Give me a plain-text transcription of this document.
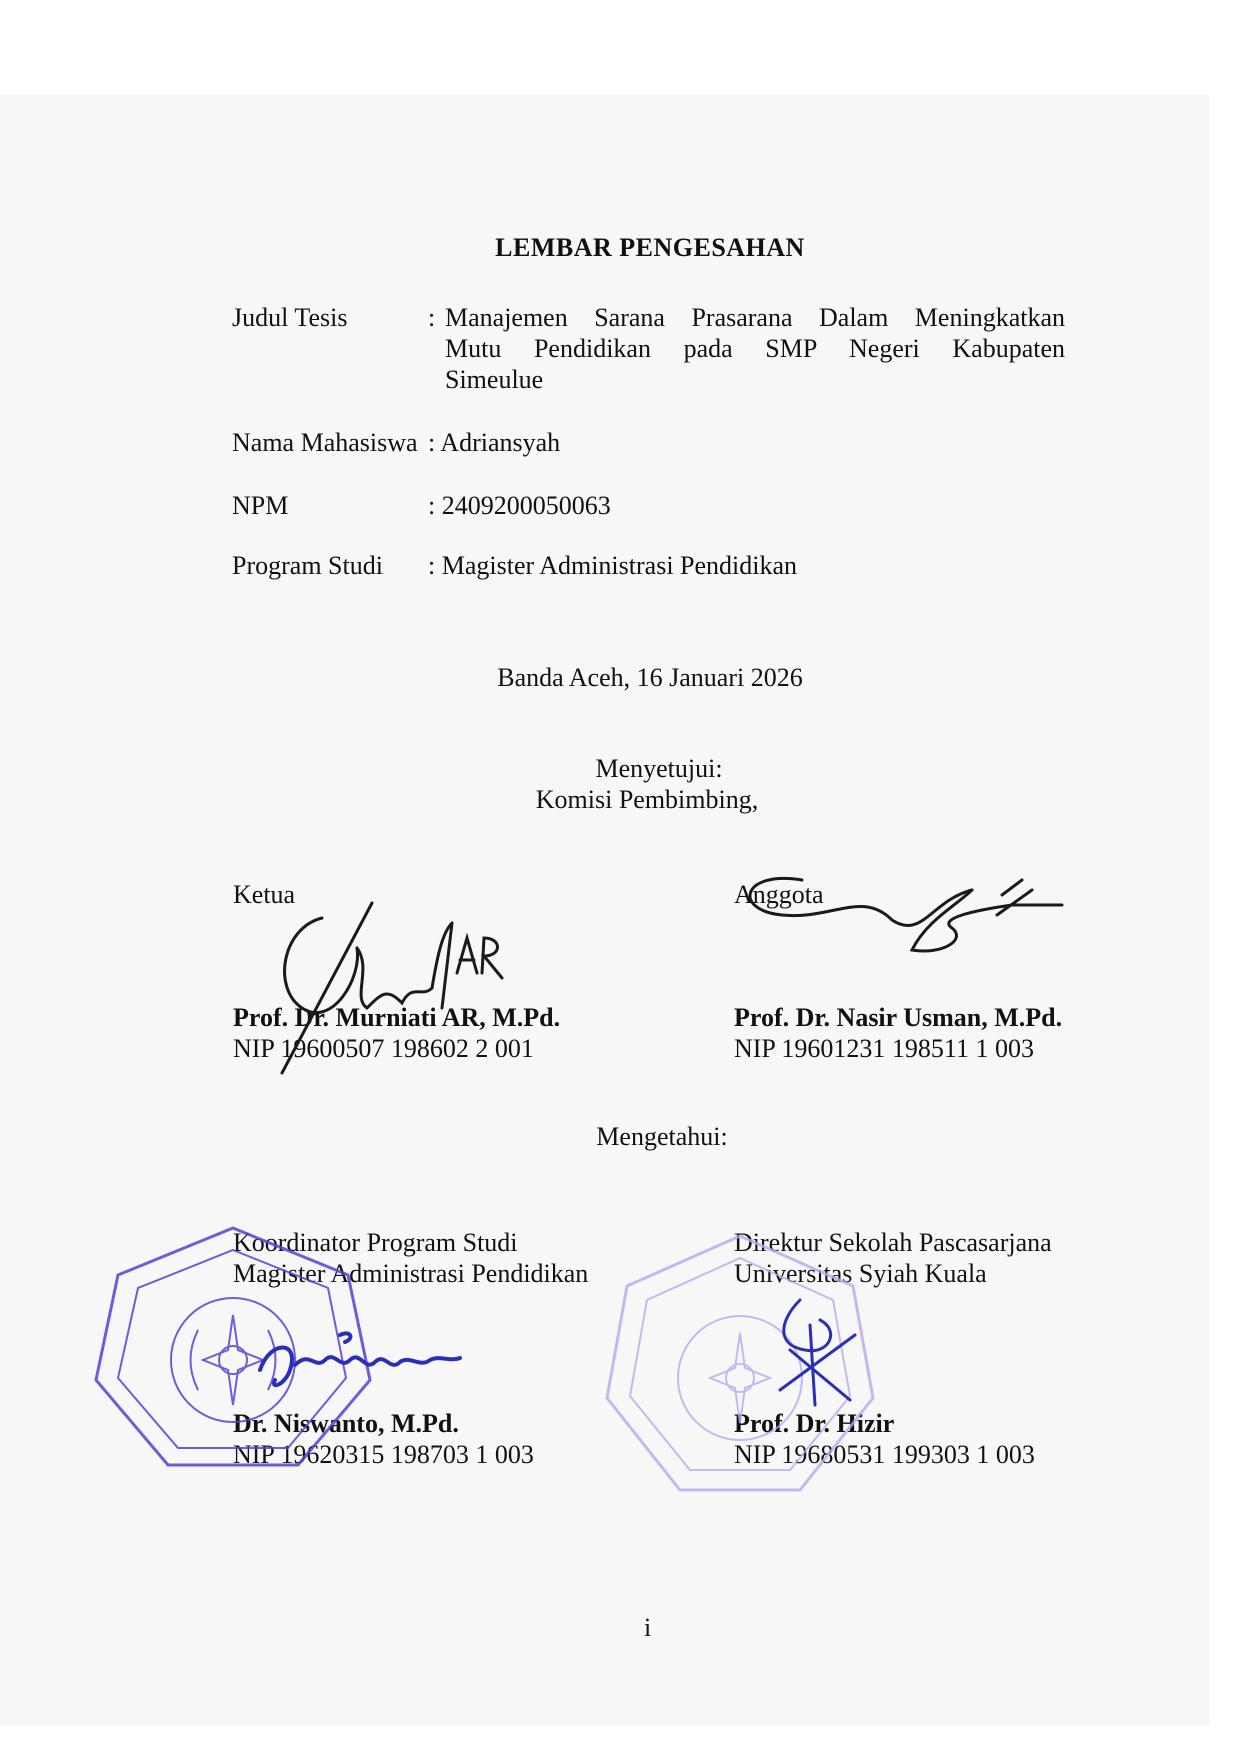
LEMBAR PENGESAHAN
Judul Tesis	: Manajemen Sarana Prasarana Dalam Meningkatkan
Mutu Pendidikan pada SMP Negeri Kabupaten
Simeulue
Nama Mahasiswa : Adriansyah
NPM	: 2409200050063
Program Studi : Magister Administrasi Pendidikan
Banda Aceh, 16 Januari 2026
Menyetujui:
Komisi Pembimbing,
Ketua
Prof. Dr. Murniati AR, M.Pd.
NIP 19600507 198602 2 001
Anggota
Prof. Dr. Nasir Usman, M.Pd.
NIP 19601231 198511 1 003
Mengetahui:
Koordinator Program Studi
Magister Administrasi Pendidikan
Dr. Niswanto, M.Pd.
NIP 19620315 198703 1 003
Direktur Sekolah Pascasarjana
Universitas Syiah Kuala
Prof. Dr. Hizir
NIP 19680531 199303 1 003
i
